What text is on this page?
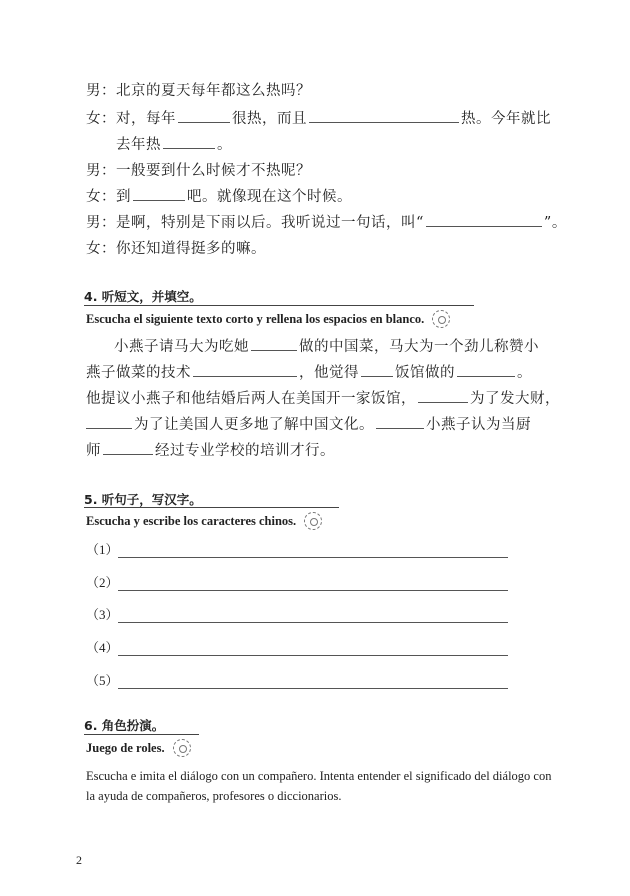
男：北京的夏天每年都这么热吗？
女：对，每年	很热，而且	热。今年就比
去年热	。
男：一般要到什么时候才不热呢？
女：到	吧。就像现在这个时候。
男：是啊，特别是下雨以后。我听说过一句话，叫“	”。
女：你还知道得挺多的嘛。
4. 听短文，并填空。
Escucha el siguiente texto corto y rellena los espacios en blanco.
小燕子请马大为吃她	做的中国菜，马大为一个劲儿称赞小
燕子做菜的技术	，他觉得 饭馆做的	。
他提议小燕子和他结婚后两人在美国开一家饭馆，	为了发大财，
为了让美国人更多地了解中国文化。	小燕子认为当厨
师	经过专业学校的培训才行。
5. 听句子，写汉字。
Escucha y escribe los caracteres chinos.
（1）
（2）
（3）
（4）
（5）
6. 角色扮演。
Juego de roles.
Escucha e imita el diálogo con un compañero. Intenta entender el significado del diálogo con la ayuda de compañeros, profesores o diccionarios.
2
